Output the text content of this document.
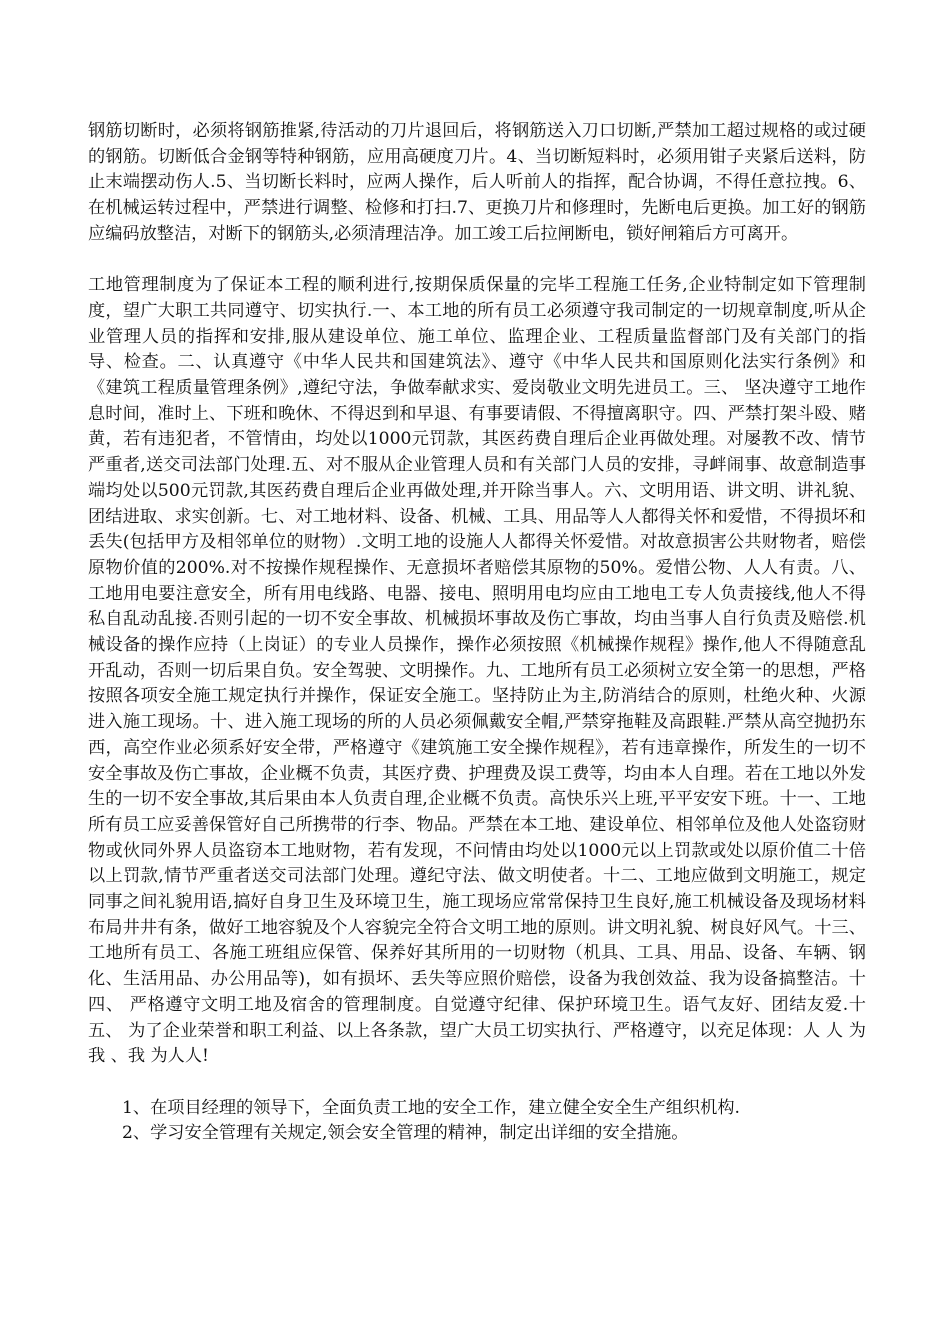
钢筋切断时，必须将钢筋推紧,待活动的刀片退回后，将钢筋送入刀口切断,严禁加工超过规格的或过硬的钢筋。切断低合金钢等特种钢筋，应用高硬度刀片。4、当切断短料时，必须用钳子夹紧后送料，防止末端摆动伤人.5、当切断长料时，应两人操作，后人听前人的指挥，配合协调，不得任意拉拽。6、在机械运转过程中，严禁进行调整、检修和打扫.7、更换刀片和修理时，先断电后更换。加工好的钢筋应编码放整洁，对断下的钢筋头,必须清理洁净。加工竣工后拉闸断电，锁好闸箱后方可离开。

工地管理制度为了保证本工程的顺利进行,按期保质保量的完毕工程施工任务,企业特制定如下管理制度，望广大职工共同遵守、切实执行.一、本工地的所有员工必须遵守我司制定的一切规章制度,听从企业管理人员的指挥和安排,服从建设单位、施工单位、监理企业、工程质量监督部门及有关部门的指导、检查。二、认真遵守《中华人民共和国建筑法》、遵守《中华人民共和国原则化法实行条例》和《建筑工程质量管理条例》,遵纪守法，争做奉献求实、爱岗敬业文明先进员工。三、 坚决遵守工地作息时间，准时上、下班和晚休、不得迟到和早退、有事要请假、不得擅离职守。四、严禁打架斗殴、赌黄，若有违犯者，不管情由，均处以1000元罚款，其医药费自理后企业再做处理。对屡教不改、情节严重者,送交司法部门处理.五、对不服从企业管理人员和有关部门人员的安排，寻衅闹事、故意制造事端均处以500元罚款,其医药费自理后企业再做处理,并开除当事人。六、文明用语、讲文明、讲礼貌、团结进取、求实创新。七、对工地材料、设备、机械、工具、用品等人人都得关怀和爱惜，不得损坏和丢失(包括甲方及相邻单位的财物）.文明工地的设施人人都得关怀爱惜。对故意损害公共财物者，赔偿原物价值的200%.对不按操作规程操作、无意损坏者赔偿其原物的50%。爱惜公物、人人有责。八、工地用电要注意安全，所有用电线路、电器、接电、照明用电均应由工地电工专人负责接线,他人不得私自乱动乱接.否则引起的一切不安全事故、机械损坏事故及伤亡事故，均由当事人自行负责及赔偿.机械设备的操作应持（上岗证）的专业人员操作，操作必须按照《机械操作规程》操作,他人不得随意乱开乱动，否则一切后果自负。安全驾驶、文明操作。九、工地所有员工必须树立安全第一的思想，严格按照各项安全施工规定执行并操作，保证安全施工。坚持防止为主,防消结合的原则，杜绝火种、火源进入施工现场。十、进入施工现场的所的人员必须佩戴安全帽,严禁穿拖鞋及高跟鞋.严禁从高空抛扔东西，高空作业必须系好安全带，严格遵守《建筑施工安全操作规程》，若有违章操作，所发生的一切不安全事故及伤亡事故，企业概不负责，其医疗费、护理费及误工费等，均由本人自理。若在工地以外发生的一切不安全事故,其后果由本人负责自理,企业概不负责。高快乐兴上班,平平安安下班。十一、工地所有员工应妥善保管好自己所携带的行李、物品。严禁在本工地、建设单位、相邻单位及他人处盗窃财物或伙同外界人员盗窃本工地财物，若有发现，不问情由均处以1000元以上罚款或处以原价值二十倍以上罚款,情节严重者送交司法部门处理。遵纪守法、做文明使者。十二、工地应做到文明施工，规定同事之间礼貌用语,搞好自身卫生及环境卫生，施工现场应常常保持卫生良好,施工机械设备及现场材料布局井井有条，做好工地容貌及个人容貌完全符合文明工地的原则。讲文明礼貌、树良好风气。十三、工地所有员工、各施工班组应保管、保养好其所用的一切财物（机具、工具、用品、设备、车辆、钢化、生活用品、办公用品等)，如有损坏、丢失等应照价赔偿，设备为我创效益、我为设备搞整洁。十四、 严格遵守文明工地及宿舍的管理制度。自觉遵守纪律、保护环境卫生。语气友好、团结友爱.十五、 为了企业荣誉和职工利益、以上各条款，望广大员工切实执行、严格遵守，以充足体现：人 人 为 我 、我 为人人!

1、在项目经理的领导下，全面负责工地的安全工作，建立健全安全生产组织机构.
2、学习安全管理有关规定,领会安全管理的精神，制定出详细的安全措施。
